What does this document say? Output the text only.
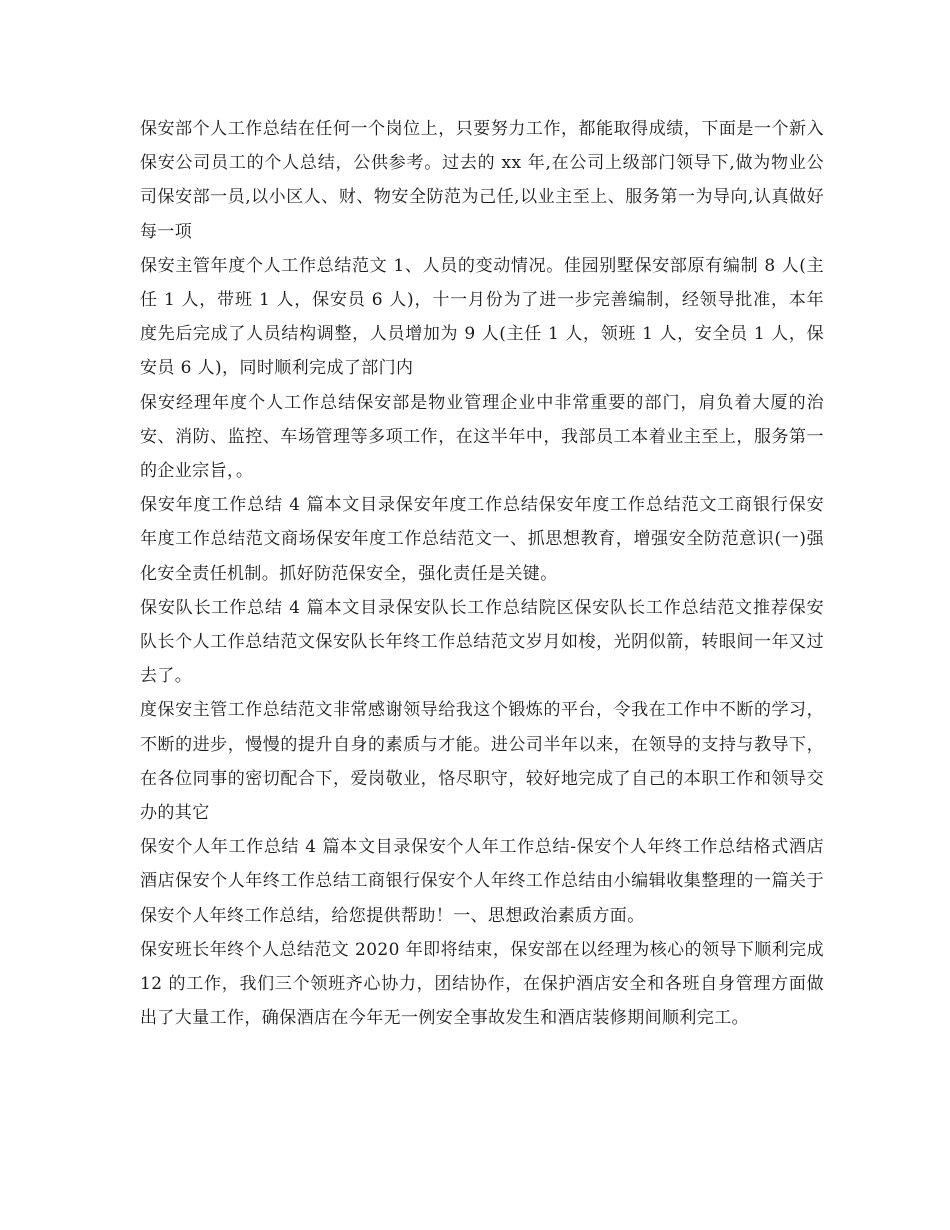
保安部个人工作总结在任何一个岗位上，只要努力工作，都能取得成绩，下面是一个新入保安公司员工的个人总结，公供参考。过去的 xx 年,在公司上级部门领导下,做为物业公司保安部一员,以小区人、财、物安全防范为己任,以业主至上、服务第一为导向,认真做好每一项

保安主管年度个人工作总结范文 1、人员的变动情况。佳园别墅保安部原有编制 8 人(主任 1 人，带班 1 人，保安员 6 人)，十一月份为了进一步完善编制，经领导批准，本年度先后完成了人员结构调整，人员增加为 9 人(主任 1 人，领班 1 人，安全员 1 人，保安员 6 人)，同时顺利完成了部门内

保安经理年度个人工作总结保安部是物业管理企业中非常重要的部门，肩负着大厦的治安、消防、监控、车场管理等多项工作，在这半年中，我部员工本着业主至上，服务第一的企业宗旨，。

保安年度工作总结 4 篇本文目录保安年度工作总结保安年度工作总结范文工商银行保安年度工作总结范文商场保安年度工作总结范文一、抓思想教育，增强安全防范意识(一)强化安全责任机制。抓好防范保安全，强化责任是关键。

保安队长工作总结 4 篇本文目录保安队长工作总结院区保安队长工作总结范文推荐保安队长个人工作总结范文保安队长年终工作总结范文岁月如梭，光阴似箭，转眼间一年又过去了。

度保安主管工作总结范文非常感谢领导给我这个锻炼的平台，令我在工作中不断的学习，不断的进步，慢慢的提升自身的素质与才能。进公司半年以来，在领导的支持与教导下，在各位同事的密切配合下，爱岗敬业，恪尽职守，较好地完成了自己的本职工作和领导交办的其它

保安个人年工作总结 4 篇本文目录保安个人年工作总结-保安个人年终工作总结格式酒店酒店保安个人年终工作总结工商银行保安个人年终工作总结由小编辑收集整理的一篇关于保安个人年终工作总结，给您提供帮助！一、思想政治素质方面。

保安班长年终个人总结范文 2020 年即将结束，保安部在以经理为核心的领导下顺利完成 12 的工作，我们三个领班齐心协力，团结协作，在保护酒店安全和各班自身管理方面做出了大量工作，确保酒店在今年无一例安全事故发生和酒店装修期间顺利完工。
